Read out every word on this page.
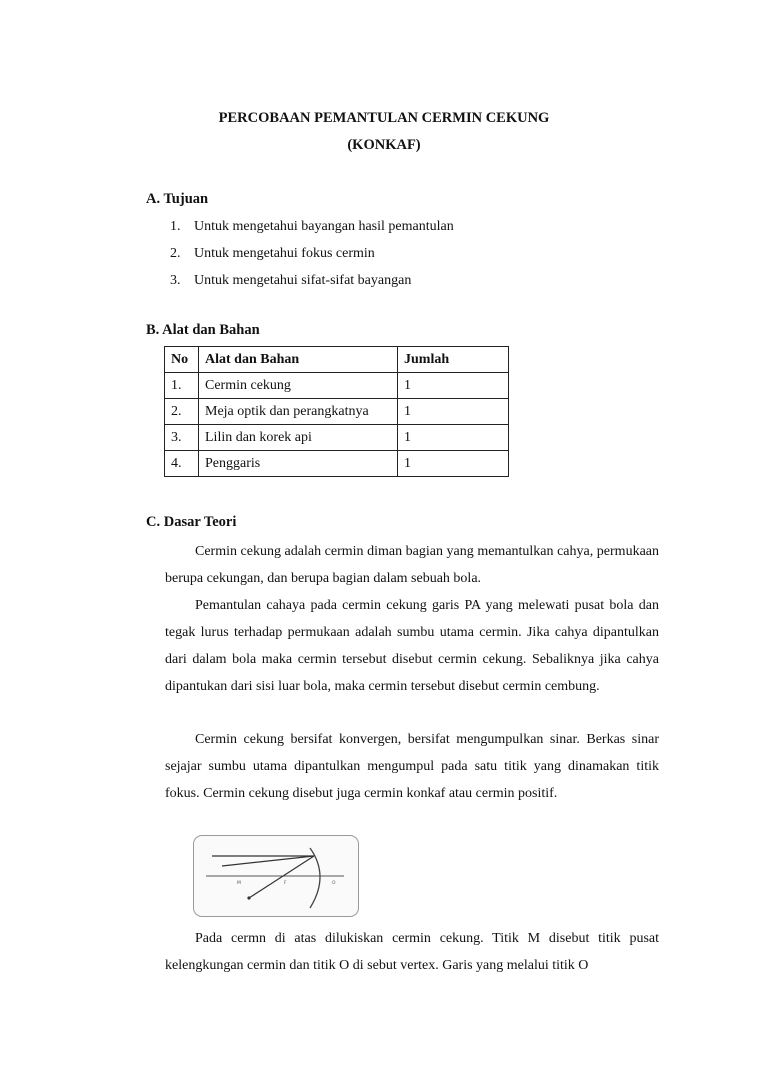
PERCOBAAN PEMANTULAN CERMIN CEKUNG
(KONKAF)
A. Tujuan
1. Untuk mengetahui bayangan hasil pemantulan
2. Untuk mengetahui fokus cermin
3. Untuk mengetahui sifat-sifat bayangan
B. Alat dan Bahan
No	Alat dan Bahan	Jumlah
1.	Cermin cekung	1
2.	Meja optik dan perangkatnya	1
3.	Lilin dan korek api	1
4.	Penggaris	1
C. Dasar Teori
Cermin cekung adalah cermin diman bagian yang memantulkan cahya, permukaan berupa cekungan, dan berupa bagian dalam sebuah bola.
Pemantulan cahaya pada cermin cekung garis PA yang melewati pusat bola dan tegak lurus terhadap permukaan adalah sumbu utama cermin. Jika cahya dipantulkan dari dalam bola maka cermin tersebut disebut cermin cekung. Sebaliknya jika cahya dipantukan dari sisi luar bola, maka cermin tersebut disebut cermin cembung.
Cermin cekung bersifat konvergen, bersifat mengumpulkan sinar. Berkas sinar sejajar sumbu utama dipantulkan mengumpul pada satu titik yang dinamakan titik fokus. Cermin cekung disebut juga cermin konkaf atau cermin positif.
M	F	O
Pada cermn di atas dilukiskan cermin cekung. Titik M disebut titik pusat kelengkungan cermin dan titik O di sebut vertex. Garis yang melalui titik O
